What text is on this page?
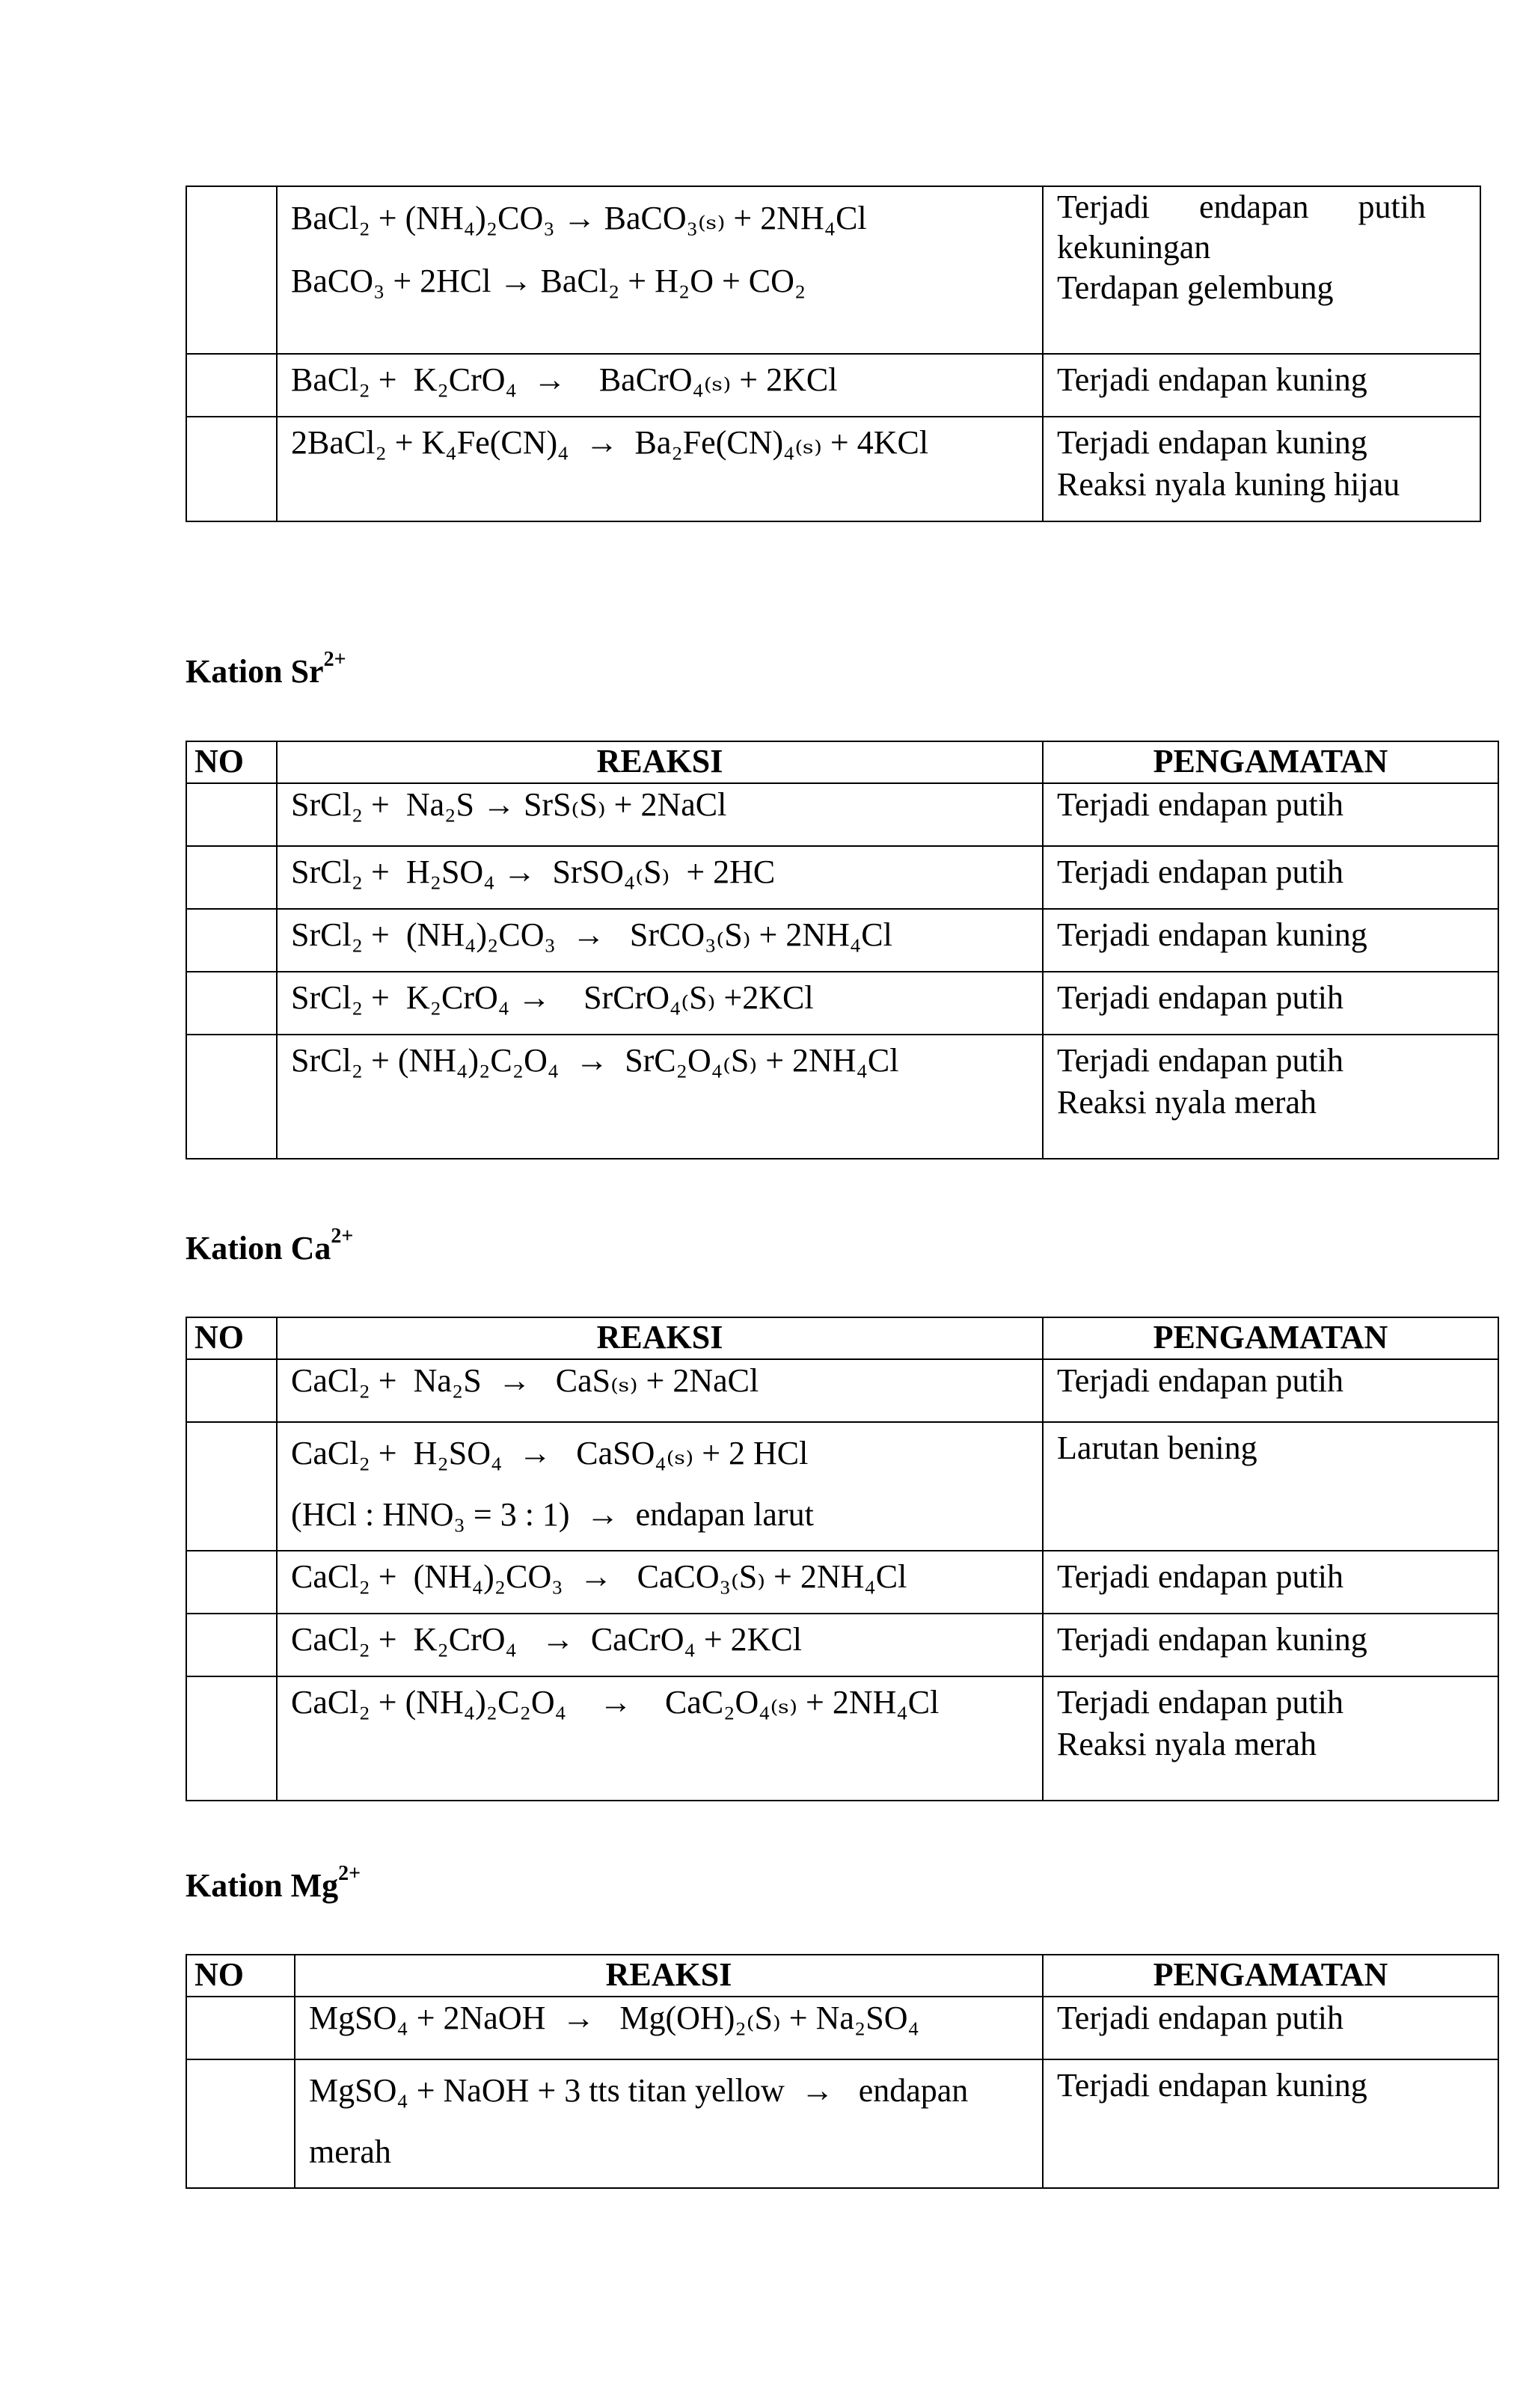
	BaCl₂ + (NH₄)₂CO₃ → BaCO₃₍ₛ₎ + 2NH₄Cl
BaCO₃ + 2HCl → BaCl₂ + H₂O + CO₂	Terjadi      endapan      putih
kekuningan
Terdapan gelembung

	BaCl₂ +  K₂CrO₄  →    BaCrO₄₍ₛ₎ + 2KCl	Terjadi endapan kuning

	2BaCl₂ + K₄Fe(CN)₄  →  Ba₂Fe(CN)₄₍ₛ₎ + 4KCl	Terjadi endapan kuning
Reaksi nyala kuning hijau
Kation $Sr^{2+}$
NO	REAKSI	PENGAMATAN

	SrCl₂ +  Na₂S → SrS₍S₎ + 2NaCl	Terjadi endapan putih

	SrCl₂ +  H₂SO₄ →  SrSO₄₍S₎  + 2HC	Terjadi endapan putih

	SrCl₂ +  (NH₄)₂CO₃  →   SrCO₃₍S₎ + 2NH₄Cl	Terjadi endapan kuning

	SrCl₂ +  K₂CrO₄ →    SrCrO₄₍S₎ +2KCl	Terjadi endapan putih

	SrCl₂ + (NH₄)₂C₂O₄  →  SrC₂O₄₍S₎ + 2NH₄Cl	Terjadi endapan putih
Reaksi nyala merah
Kation $Ca^{2+}$
NO	REAKSI	PENGAMATAN

	CaCl₂ +  Na₂S  →   CaS₍ₛ₎ + 2NaCl	Terjadi endapan putih

	CaCl₂ +  H₂SO₄  →   CaSO₄₍ₛ₎ + 2 HCl
(HCl : HNO₃ = 3 : 1)  →  endapan larut	Larutan bening

	CaCl₂ +  (NH₄)₂CO₃  →   CaCO₃₍S₎ + 2NH₄Cl	Terjadi endapan putih

	CaCl₂ +  K₂CrO₄   →  CaCrO₄ + 2KCl	Terjadi endapan kuning

	CaCl₂ + (NH₄)₂C₂O₄    →    CaC₂O₄₍ₛ₎ + 2NH₄Cl	Terjadi endapan putih
Reaksi nyala merah
Kation $Mg^{2+}$
NO	REAKSI	PENGAMATAN

	MgSO₄ + 2NaOH  →   Mg(OH)₂₍S₎ + Na₂SO₄	Terjadi endapan putih

	MgSO₄ + NaOH + 3 tts titan yellow  →   endapan
merah	Terjadi endapan kuning
